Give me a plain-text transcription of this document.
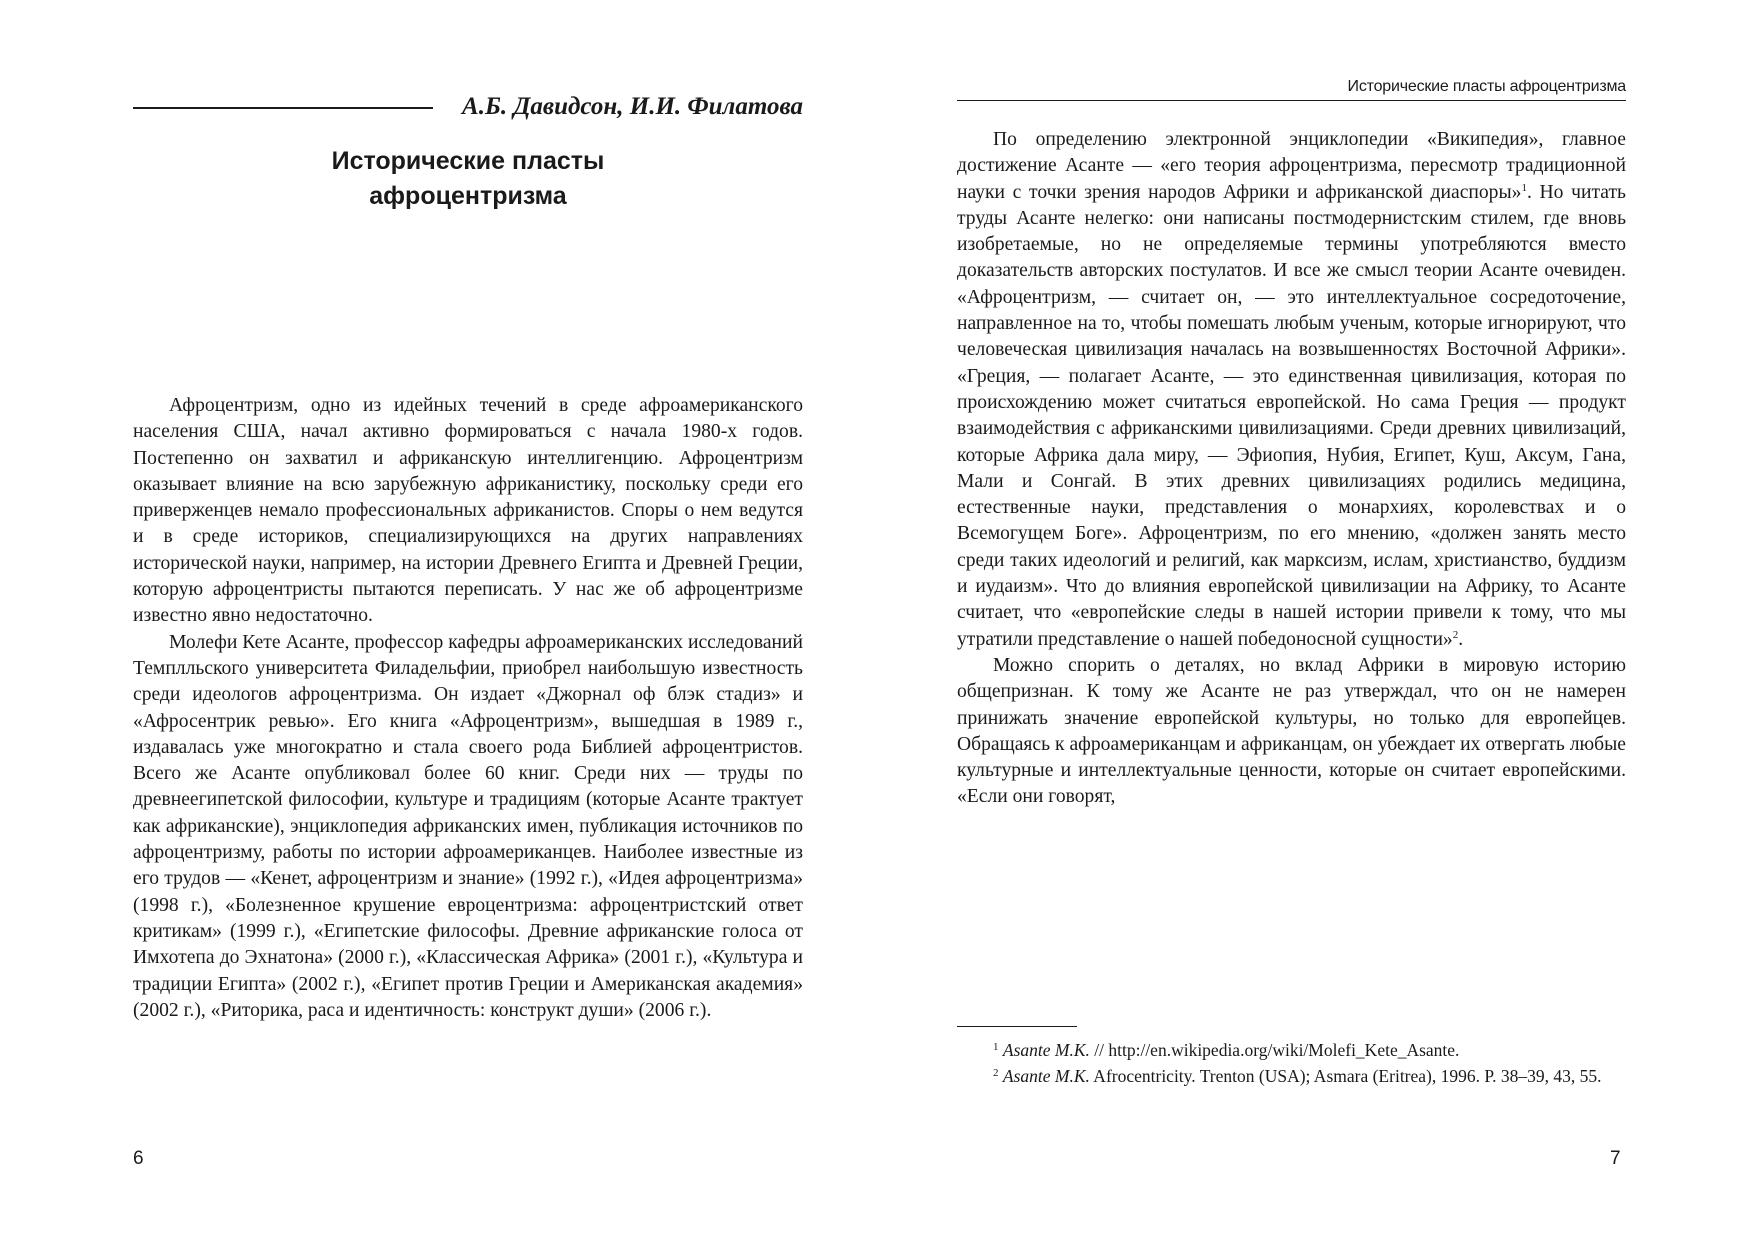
А.Б. Давидсон, И.И. Филатова
Исторические пласты
афроцентризма

Афроцентризм, одно из идейных течений в среде афроамериканского населения США, начал активно формироваться с начала 1980-х годов. Постепенно он захватил и африканскую интеллигенцию. Афроцентризм оказывает влияние на всю зарубежную африканистику, поскольку среди его приверженцев немало профессиональных африканистов. Споры о нем ведутся и в среде историков, специализирующихся на других направлениях исторической науки, например, на истории Древнего Египта и Древней Греции, которую афроцентристы пытаются переписать. У нас же об афроцентризме известно явно недостаточно.

Молефи Кете Асанте, профессор кафедры афроамериканских исследований Темплльского университета Филадельфии, приобрел наибольшую известность среди идеологов афроцентризма. Он издает «Джорнал оф блэк стадиз» и «Афросентрик ревью». Его книга «Афроцентризм», вышедшая в 1989 г., издавалась уже многократно и стала своего рода Библией афроцентристов. Всего же Асанте опубликовал более 60 книг. Среди них — труды по древнеегипетской философии, культуре и традициям (которые Асанте трактует как африканские), энциклопедия африканских имен, публикация источников по афроцентризму, работы по истории афроамериканцев. Наиболее известные из его трудов — «Кенет, афроцентризм и знание» (1992 г.), «Идея афроцентризма» (1998 г.), «Болезненное крушение евроцентризма: афроцентристский ответ критикам» (1999 г.), «Египетские философы. Древние африканские голоса от Имхотепа до Эхнатона» (2000 г.), «Классическая Африка» (2001 г.), «Культура и традиции Египта» (2002 г.), «Египет против Греции и Американская академия» (2002 г.), «Риторика, раса и идентичность: конструкт души» (2006 г.).

6
Исторические пласты афроцентризма

По определению электронной энциклопедии «Википедия», главное достижение Асанте — «его теория афроцентризма, пересмотр традиционной науки с точки зрения народов Африки и африканской диаспоры»$^1$. Но читать труды Асанте нелегко: они написаны постмодернистским стилем, где вновь изобретаемые, но не определяемые термины употребляются вместо доказательств авторских постулатов. И все же смысл теории Асанте очевиден. «Афроцентризм, — считает он, — это интеллектуальное сосредоточение, направленное на то, чтобы помешать любым ученым, которые игнорируют, что человеческая цивилизация началась на возвышенностях Восточной Африки». «Греция, — полагает Асанте, — это единственная цивилизация, которая по происхождению может считаться европейской. Но сама Греция — продукт взаимодействия с африканскими цивилизациями. Среди древних цивилизаций, которые Африка дала миру, — Эфиопия, Нубия, Египет, Куш, Аксум, Гана, Мали и Сонгай. В этих древних цивилизациях родились медицина, естественные науки, представления о монархиях, королевствах и о Всемогущем Боге». Афроцентризм, по его мнению, «должен занять место среди таких идеологий и религий, как марксизм, ислам, христианство, буддизм и иудаизм». Что до влияния европейской цивилизации на Африку, то Асанте считает, что «европейские следы в нашей истории привели к тому, что мы утратили представление о нашей победоносной сущности»$^2$.

Можно спорить о деталях, но вклад Африки в мировую историю общепризнан. К тому же Асанте не раз утверждал, что он не намерен принижать значение европейской культуры, но только для европейцев. Обращаясь к афроамериканцам и африканцам, он убеждает их отвергать любые культурные и интеллектуальные ценности, которые он считает европейскими. «Если они говорят,

$^1$ Asante M.K. // http://en.wikipedia.org/wiki/Molefi_Kete_Asante.

$^2$ Asante M.K. Afrocentricity. Trenton (USA); Asmara (Eritrea), 1996. P. 38–39, 43, 55.

7
